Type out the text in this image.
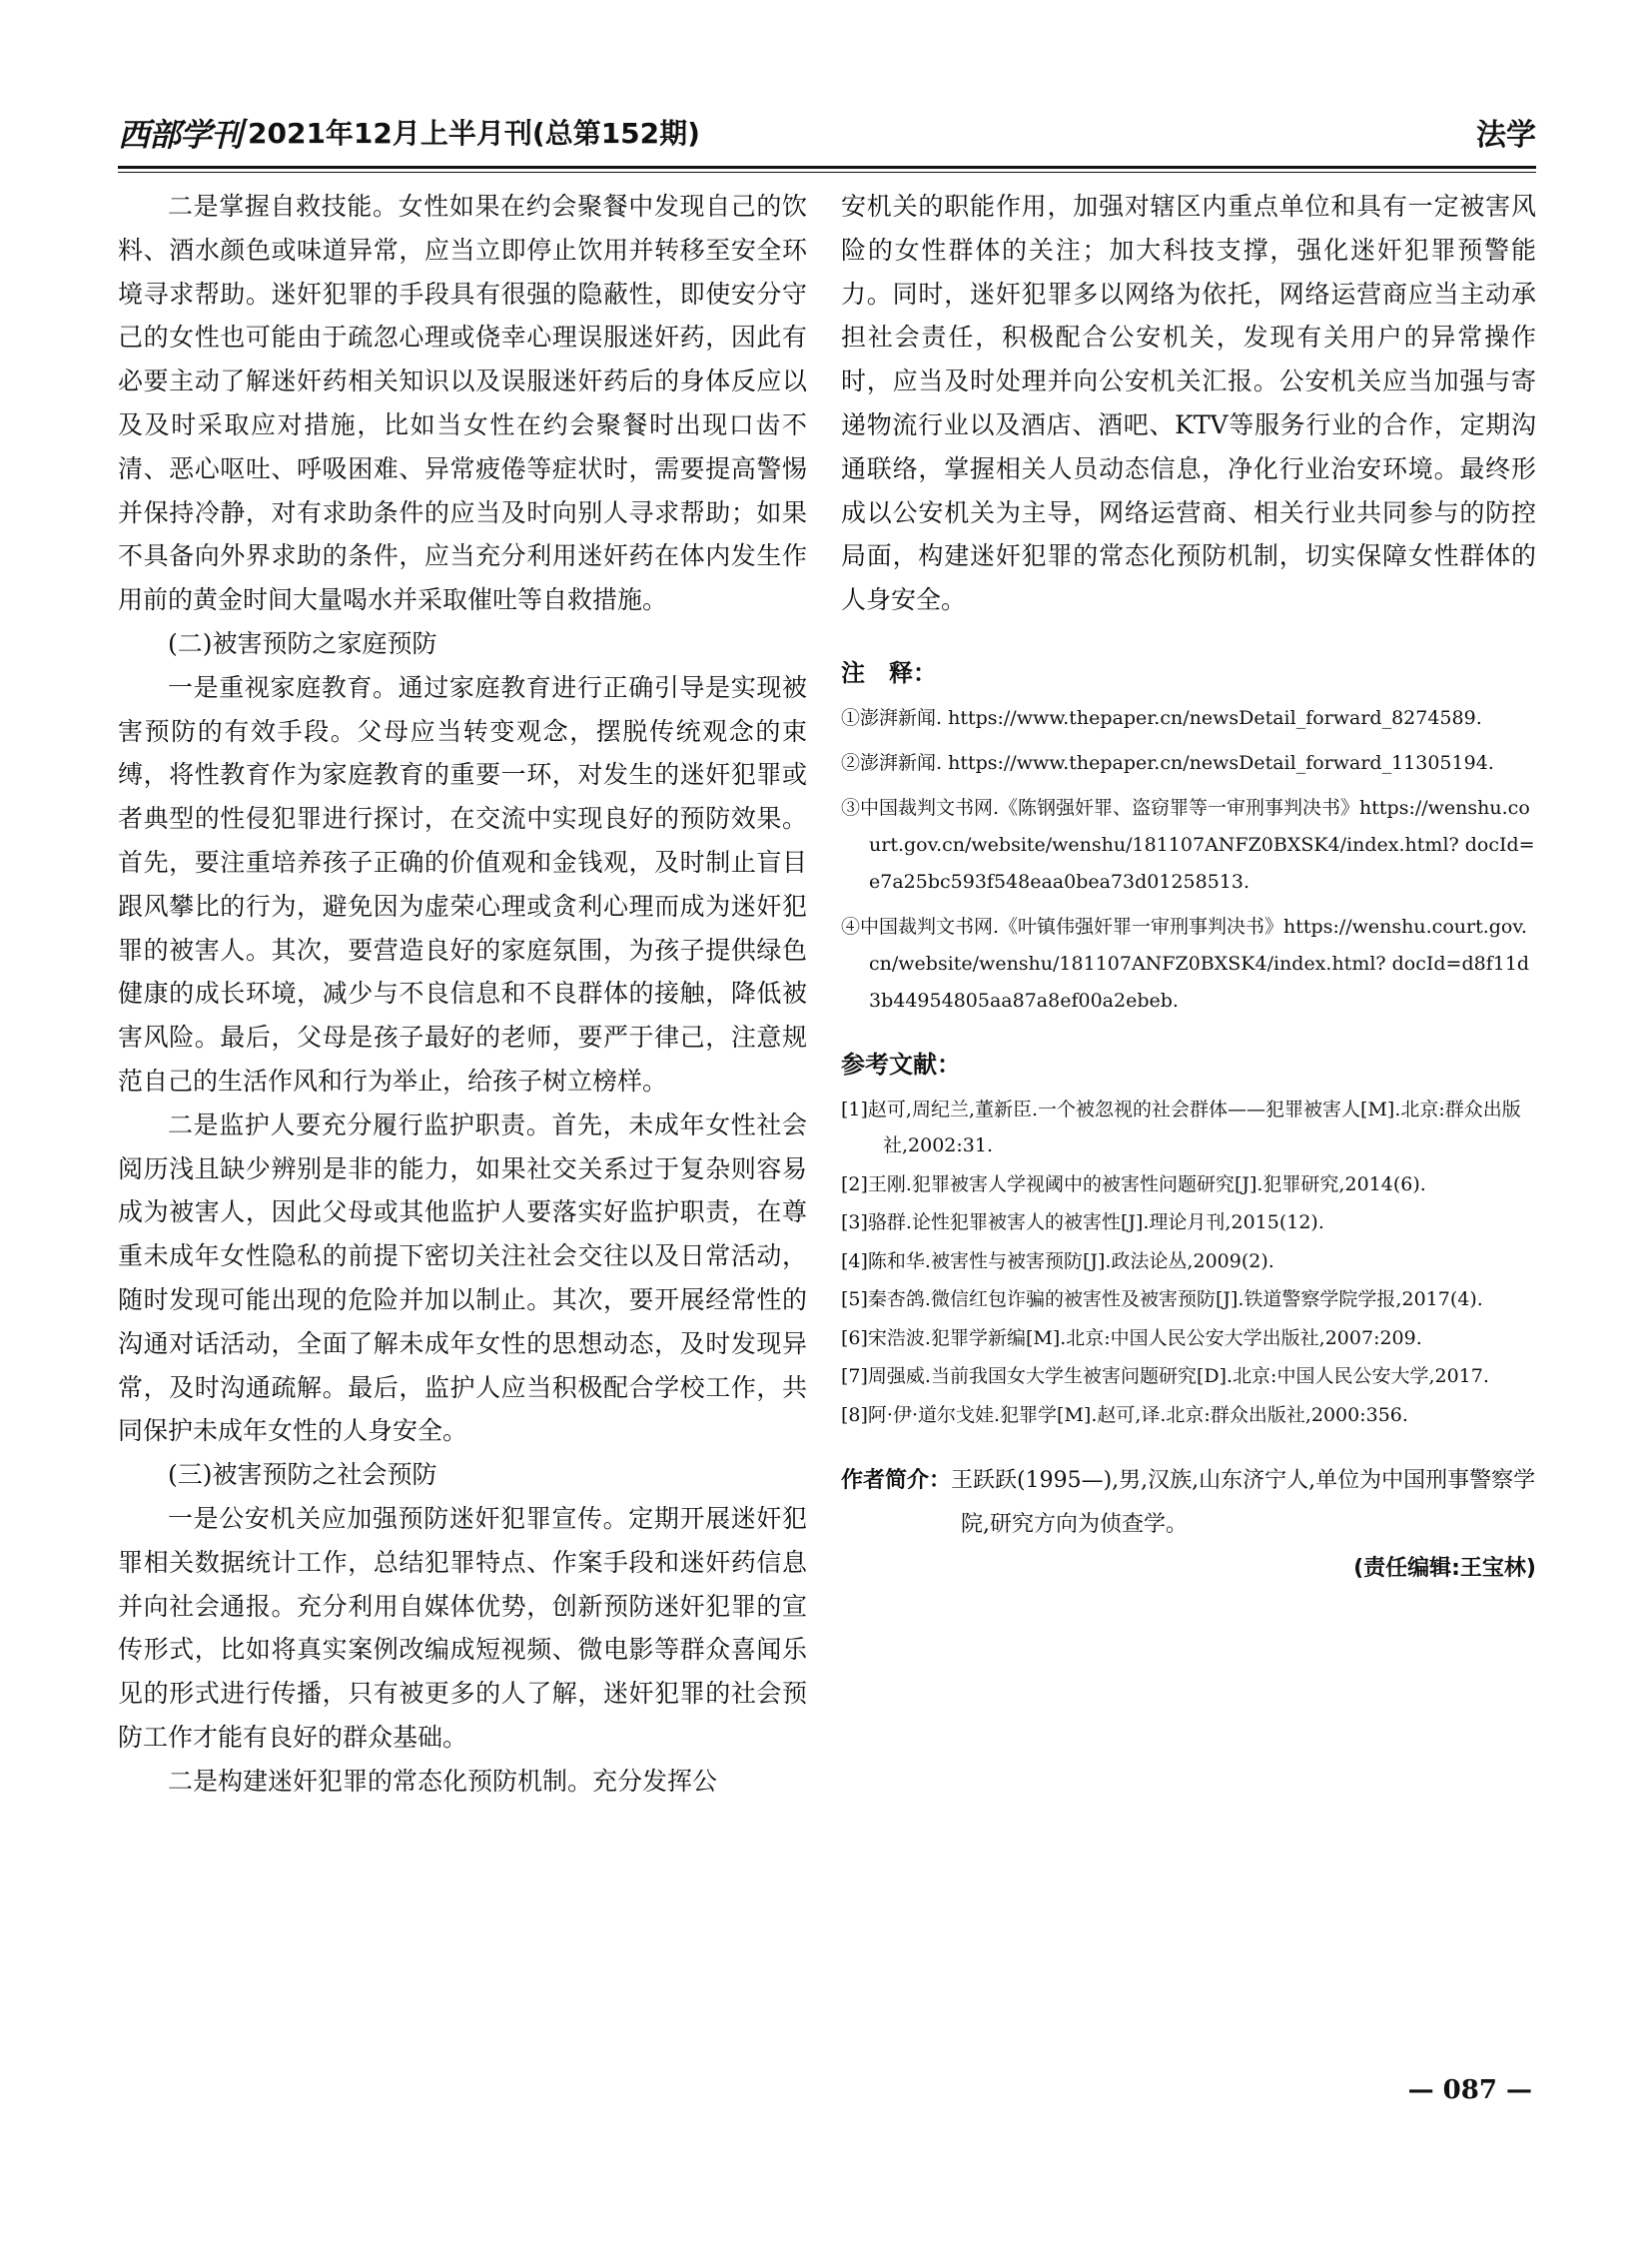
西部学刊 2021年12月上半月刊(总第152期)	法学

二是掌握自救技能。女性如果在约会聚餐中发现自己的饮料、酒水颜色或味道异常，应当立即停止饮用并转移至安全环境寻求帮助。迷奸犯罪的手段具有很强的隐蔽性，即使安分守己的女性也可能由于疏忽心理或侥幸心理误服迷奸药，因此有必要主动了解迷奸药相关知识以及误服迷奸药后的身体反应以及及时采取应对措施，比如当女性在约会聚餐时出现口齿不清、恶心呕吐、呼吸困难、异常疲倦等症状时，需要提高警惕并保持冷静，对有求助条件的应当及时向别人寻求帮助；如果不具备向外界求助的条件，应当充分利用迷奸药在体内发生作用前的黄金时间大量喝水并采取催吐等自救措施。

(二)被害预防之家庭预防

一是重视家庭教育。通过家庭教育进行正确引导是实现被害预防的有效手段。父母应当转变观念，摆脱传统观念的束缚，将性教育作为家庭教育的重要一环，对发生的迷奸犯罪或者典型的性侵犯罪进行探讨，在交流中实现良好的预防效果。首先，要注重培养孩子正确的价值观和金钱观，及时制止盲目跟风攀比的行为，避免因为虚荣心理或贪利心理而成为迷奸犯罪的被害人。其次，要营造良好的家庭氛围，为孩子提供绿色健康的成长环境，减少与不良信息和不良群体的接触，降低被害风险。最后，父母是孩子最好的老师，要严于律己，注意规范自己的生活作风和行为举止，给孩子树立榜样。

二是监护人要充分履行监护职责。首先，未成年女性社会阅历浅且缺少辨别是非的能力，如果社交关系过于复杂则容易成为被害人，因此父母或其他监护人要落实好监护职责，在尊重未成年女性隐私的前提下密切关注社会交往以及日常活动，随时发现可能出现的危险并加以制止。其次，要开展经常性的沟通对话活动，全面了解未成年女性的思想动态，及时发现异常，及时沟通疏解。最后，监护人应当积极配合学校工作，共同保护未成年女性的人身安全。

(三)被害预防之社会预防

一是公安机关应加强预防迷奸犯罪宣传。定期开展迷奸犯罪相关数据统计工作，总结犯罪特点、作案手段和迷奸药信息并向社会通报。充分利用自媒体优势，创新预防迷奸犯罪的宣传形式，比如将真实案例改编成短视频、微电影等群众喜闻乐见的形式进行传播，只有被更多的人了解，迷奸犯罪的社会预防工作才能有良好的群众基础。

二是构建迷奸犯罪的常态化预防机制。充分发挥公

安机关的职能作用，加强对辖区内重点单位和具有一定被害风险的女性群体的关注；加大科技支撑，强化迷奸犯罪预警能力。同时，迷奸犯罪多以网络为依托，网络运营商应当主动承担社会责任，积极配合公安机关，发现有关用户的异常操作时，应当及时处理并向公安机关汇报。公安机关应当加强与寄递物流行业以及酒店、酒吧、KTV等服务行业的合作，定期沟通联络，掌握相关人员动态信息，净化行业治安环境。最终形成以公安机关为主导，网络运营商、相关行业共同参与的防控局面，构建迷奸犯罪的常态化预防机制，切实保障女性群体的人身安全。

注　释：
①澎湃新闻. https://www.thepaper.cn/newsDetail_forward_8274589.
②澎湃新闻. https://www.thepaper.cn/newsDetail_forward_11305194.
③中国裁判文书网.《陈钢强奸罪、盗窃罪等一审刑事判决书》https://wenshu.court.gov.cn/website/wenshu/181107ANFZ0BXSK4/index.html? docId=e7a25bc593f548eaa0bea73d01258513.
④中国裁判文书网.《叶镇伟强奸罪一审刑事判决书》https://wenshu.court.gov.cn/website/wenshu/181107ANFZ0BXSK4/index.html? docId=d8f11d3b44954805aa87a8ef00a2ebeb.
参考文献：
[1]赵可,周纪兰,董新臣.一个被忽视的社会群体——犯罪被害人[M].北京:群众出版社,2002:31.
[2]王刚.犯罪被害人学视阈中的被害性问题研究[J].犯罪研究,2014(6).
[3]骆群.论性犯罪被害人的被害性[J].理论月刊,2015(12).
[4]陈和华.被害性与被害预防[J].政法论丛,2009(2).
[5]秦杏鸽.微信红包诈骗的被害性及被害预防[J].铁道警察学院学报,2017(4).
[6]宋浩波.犯罪学新编[M].北京:中国人民公安大学出版社,2007:209.
[7]周强威.当前我国女大学生被害问题研究[D].北京:中国人民公安大学,2017.
[8]阿·伊·道尔戈娃.犯罪学[M].赵可,译.北京:群众出版社,2000:356.
作者简介：王跃跃(1995—),男,汉族,山东济宁人,单位为中国刑事警察学院,研究方向为侦查学。
(责任编辑:王宝林)
— 087 —
